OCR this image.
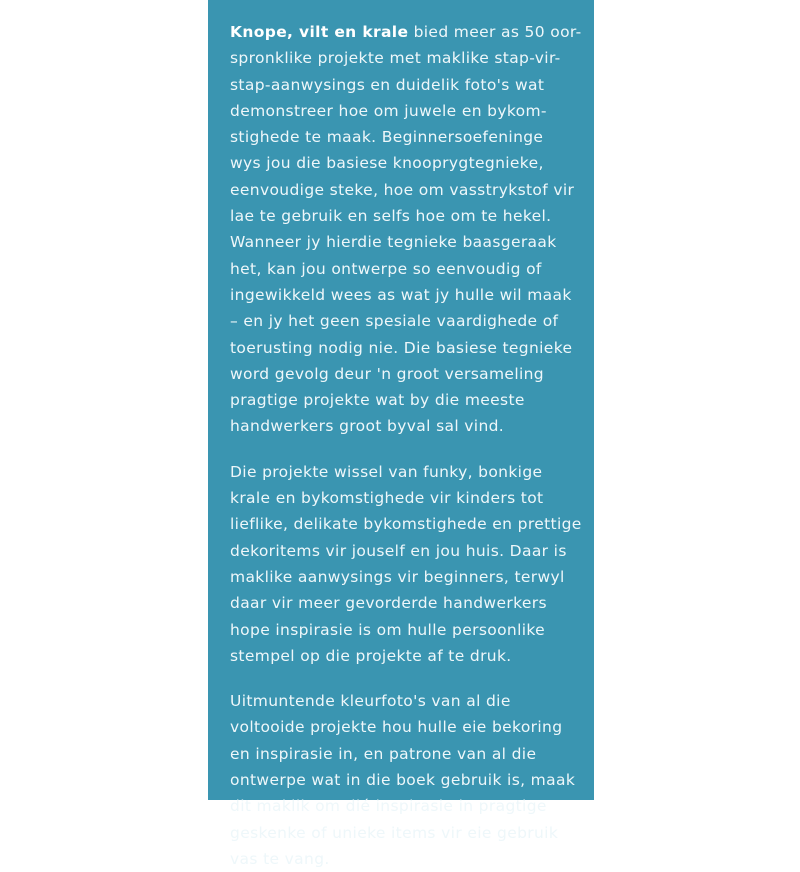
Knope, vilt en krale bied meer as 50 oor-
spronklike projekte met maklike stap-vir-
stap-aanwysings en duidelik foto's wat
demonstreer hoe om juwele en bykom-
stighede te maak. Beginnersoefeninge
wys jou die basiese knooprygtegnieke,
eenvoudige steke, hoe om vasstrykstof vir
lae te gebruik en selfs hoe om te hekel.
Wanneer jy hierdie tegnieke baasgeraak
het, kan jou ontwerpe so eenvoudig of
ingewikkeld wees as wat jy hulle wil maak
– en jy het geen spesiale vaardighede of
toerusting nodig nie. Die basiese tegnieke
word gevolg deur 'n groot versameling
pragtige projekte wat by die meeste
handwerkers groot byval sal vind.
Die projekte wissel van funky, bonkige
krale en bykomstighede vir kinders tot
lieflike, delikate bykomstighede en prettige
dekoritems vir jouself en jou huis. Daar is
maklike aanwysings vir beginners, terwyl
daar vir meer gevorderde handwerkers
hope inspirasie is om hulle persoonlike
stempel op die projekte af te druk.
Uitmuntende kleurfoto's van al die
voltooide projekte hou hulle eie bekoring
en inspirasie in, en patrone van al die
ontwerpe wat in die boek gebruik is, maak
dit maklik om dié inspirasie in pragtige
geskenke of unieke items vir eie gebruik
vas te vang.
